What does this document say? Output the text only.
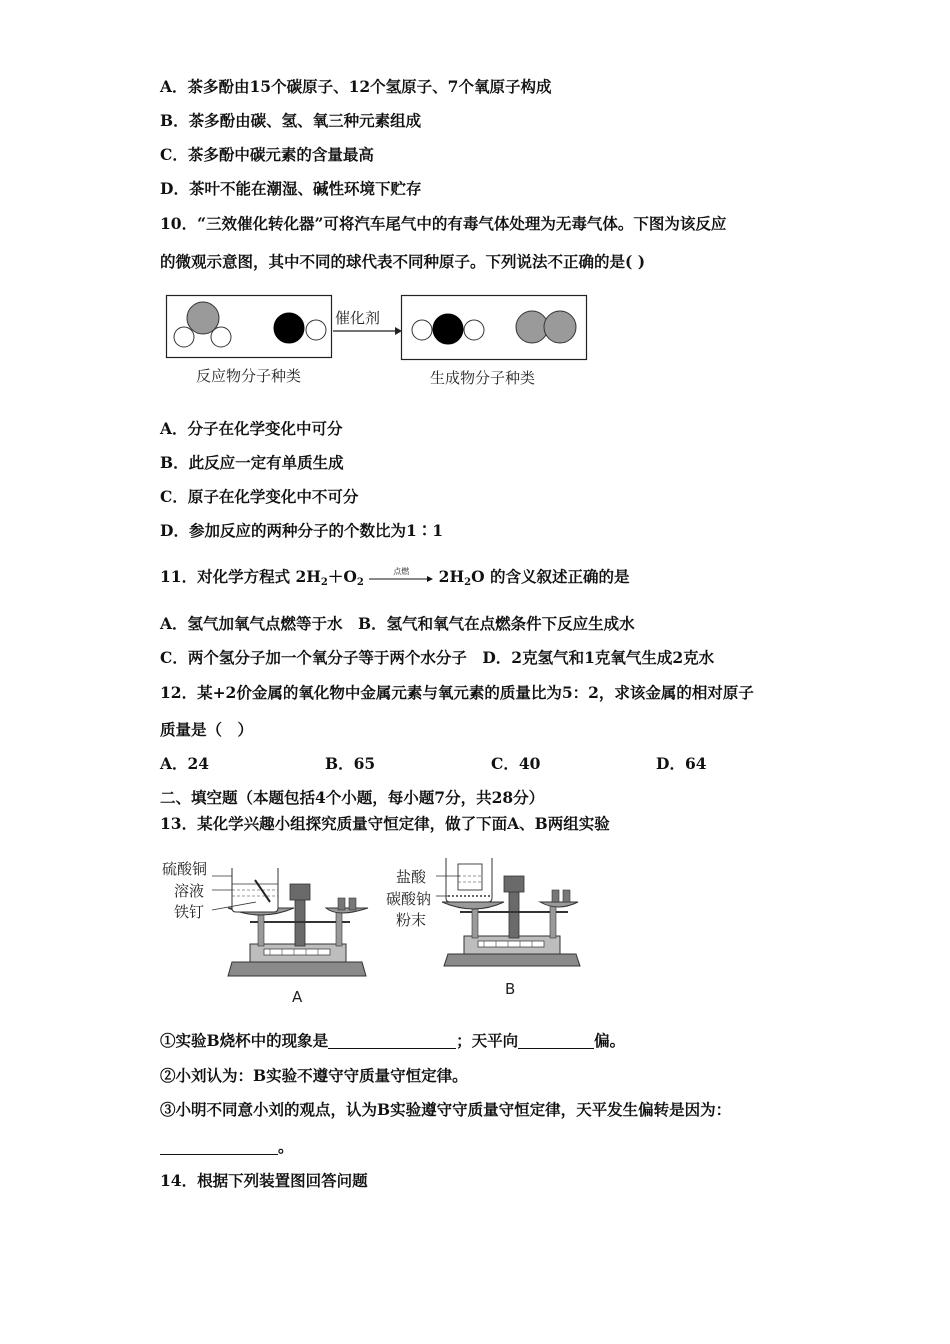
A．茶多酚由15个碳原子、12个氢原子、7个氧原子构成
B．茶多酚由碳、氢、氧三种元素组成
C．茶多酚中碳元素的含量最高
D．茶叶不能在潮湿、碱性环境下贮存
10．“三效催化转化器”可将汽车尾气中的有毒气体处理为无毒气体。下图为该反应
的微观示意图，其中不同的球代表不同种原子。下列说法不正确的是( )
催化剂
反应物分子种类	生成物分子种类
A．分子在化学变化中可分
B．此反应一定有单质生成
C．原子在化学变化中不可分
D．参加反应的两种分子的个数比为1∶1
11．对化学方程式 $2H_2+O_2$
点燃	$2H_2O$ 的含义叙述正确的是
A．氢气加氧气点燃等于水　B．氢气和氧气在点燃条件下反应生成水
C．两个氢分子加一个氧分子等于两个水分子　D．2克氢气和1克氧气生成2克水
12．某+2价金属的氧化物中金属元素与氧元素的质量比为5：2，求该金属的相对原子
质量是（　）
A．24	B．65	C．40	D．64
二、填空题（本题包括4个小题，每小题7分，共28分）
13．某化学兴趣小组探究质量守恒定律，做了下面A、B两组实验
硫酸铜
溶液
铁钉
A
盐酸
碳酸钠
粉末
B
①实验B烧杯中的现象是	；天平向	偏。
②小刘认为：B实验不遵守守质量守恒定律。
③小明不同意小刘的观点，认为B实验遵守守质量守恒定律，天平发生偏转是因为：
。
14．根据下列装置图回答问题
